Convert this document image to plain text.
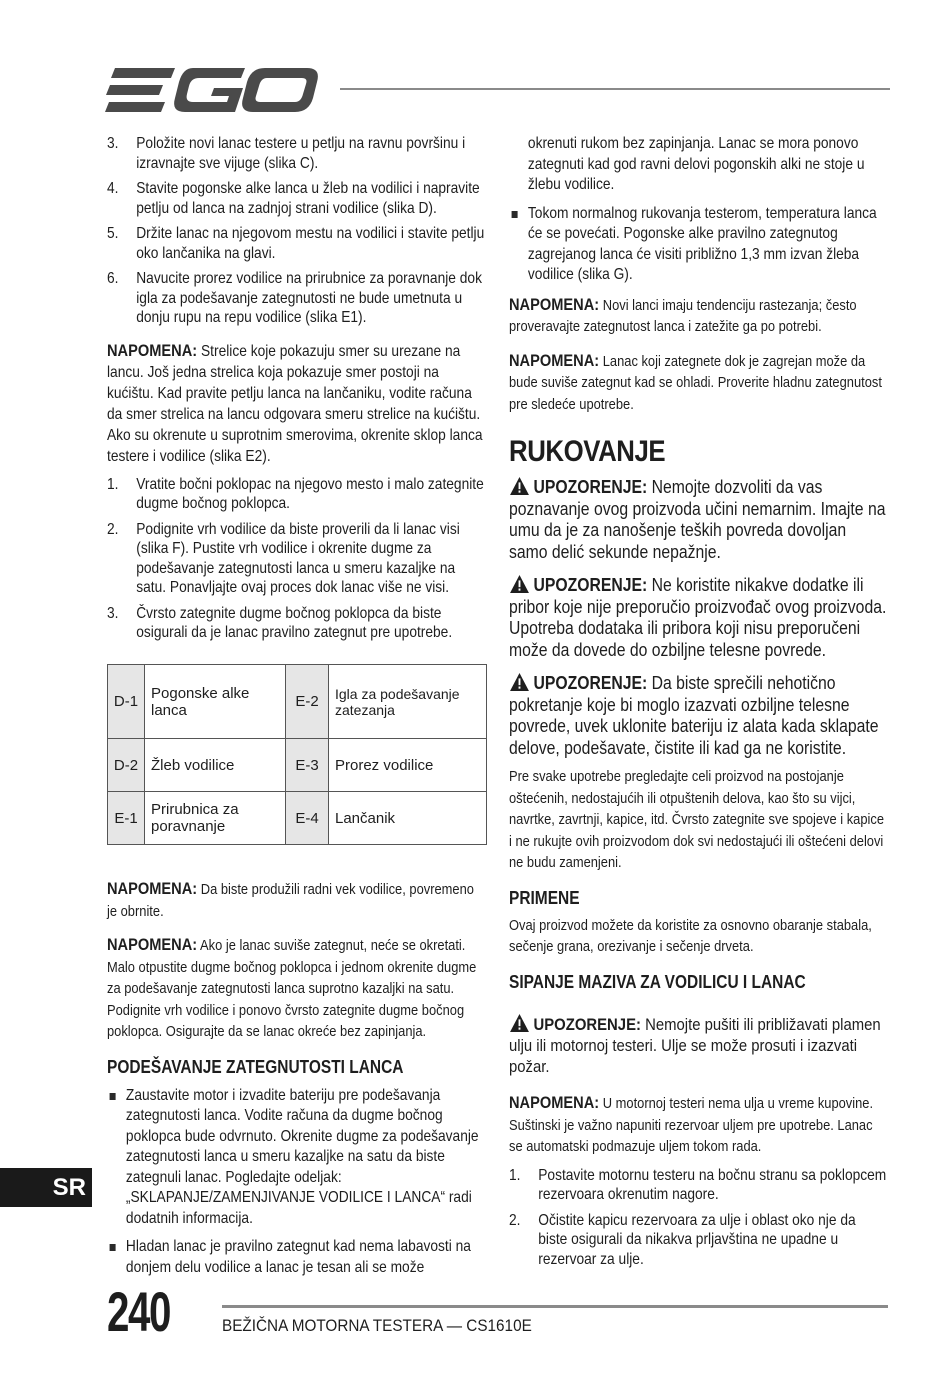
3. Položite novi lanac testere u petlju na ravnu površinu i izravnajte sve vijuge (slika C).
4. Stavite pogonske alke lanca u žleb na vodilici i napravite petlju od lanca na zadnjoj strani vodilice (slika D).
5. Držite lanac na njegovom mestu na vodilici i stavite petlju oko lančanika na glavi.
6. Navucite prorez vodilice na prirubnice za poravnanje dok igla za podešavanje zategnutosti ne bude umetnuta u donju rupu na repu vodilice (slika E1).

NAPOMENA: Strelice koje pokazuju smer su urezane na lancu. Još jedna strelica koja pokazuje smer postoji na kućištu. Kad pravite petlju lanca na lančaniku, vodite računa da smer strelica na lancu odgovara smeru strelice na kućištu. Ako su okrenute u suprotnim smerovima, okrenite sklop lanca testere i vodilice (slika E2).

1. Vratite bočni poklopac na njegovo mesto i malo zategnite dugme bočnog poklopca.
2. Podignite vrh vodilice da biste proverili da li lanac visi (slika F). Pustite vrh vodilice i okrenite dugme za podešavanje zategnutosti lanca u smeru kazaljke na satu. Ponavljajte ovaj proces dok lanac više ne visi.
3. Čvrsto zategnite dugme bočnog poklopca da biste osigurali da je lanac pravilno zategnut pre upotrebe.
D-1	Pogonske alke lanca	E-2	Igla za podešavanje zatezanja
D-2	Žleb vodilice	E-3	Prorez vodilice
E-1	Prirubnica za poravnanje	E-4	Lančanik

NAPOMENA: Da biste produžili radni vek vodilice, povremeno je obrnite.

NAPOMENA: Ako je lanac suviše zategnut, neće se okretati. Malo otpustite dugme bočnog poklopca i jednom okrenite dugme za podešavanje zategnutosti lanca suprotno kazaljki na satu. Podignite vrh vodilice i ponovo čvrsto zategnite dugme bočnog poklopca. Osigurajte da se lanac okreće bez zapinjanja.

PODEŠAVANJE ZATEGNUTOSTI LANCA

Zaustavite motor i izvadite bateriju pre podešavanja zategnutosti lanca. Vodite računa da dugme bočnog poklopca bude odvrnuto. Okrenite dugme za podešavanje zategnutosti lanca u smeru kazaljke na satu da biste zategnuli lanac. Pogledajte odeljak: „SKLAPANJE/ZAMENJIVANJE VODILICE I LANCA“ radi dodatnih informacija.
Hladan lanac je pravilno zategnut kad nema labavosti na donjem delu vodilice a lanac je tesan ali se može

okrenuti rukom bez zapinjanja. Lanac se mora ponovo zategnuti kad god ravni delovi pogonskih alki ne stoje u žlebu vodilice.

Tokom normalnog rukovanja testerom, temperatura lanca će se povećati. Pogonske alke pravilno zategnutog zagrejanog lanca će visiti približno 1,3 mm izvan žleba vodilice (slika G).

NAPOMENA: Novi lanci imaju tendenciju rastezanja; često proveravajte zategnutost lanca i zatežite ga po potrebi.

NAPOMENA: Lanac koji zategnete dok je zagrejan može da bude suviše zategnut kad se ohladi. Proverite hladnu zategnutost pre sledeće upotrebe.

RUKOVANJE

UPOZORENJE: Nemojte dozvoliti da vas poznavanje ovog proizvoda učini nemarnim. Imajte na umu da je za nanošenje teških povreda dovoljan samo delić sekunde nepažnje.

UPOZORENJE: Ne koristite nikakve dodatke ili pribor koje nije preporučio proizvođač ovog proizvoda. Upotreba dodataka ili pribora koji nisu preporučeni može da dovede do ozbiljne telesne povrede.

UPOZORENJE: Da biste sprečili nehotično pokretanje koje bi moglo izazvati ozbiljne telesne povrede, uvek uklonite bateriju iz alata kada sklapate delove, podešavate, čistite ili kad ga ne koristite.

Pre svake upotrebe pregledajte celi proizvod na postojanje oštećenih, nedostajućih ili otpuštenih delova, kao što su vijci, navrtke, zavrtnji, kapice, itd. Čvrsto zategnite sve spojeve i kapice i ne rukujte ovih proizvodom dok svi nedostajući ili oštećeni delovi ne budu zamenjeni.

PRIMENE

Ovaj proizvod možete da koristite za osnovno obaranje stabala, sečenje grana, orezivanje i sečenje drveta.

SIPANJE MAZIVA ZA VODILICU I LANAC

UPOZORENJE: Nemojte pušiti ili približavati plamen ulju ili motornoj testeri. Ulje se može prosuti i izazvati požar.

NAPOMENA: U motornoj testeri nema ulja u vreme kupovine. Suštinski je važno napuniti rezervoar uljem pre upotrebe. Lanac se automatski podmazuje uljem tokom rada.

1. Postavite motornu testeru na bočnu stranu sa poklopcem rezervoara okrenutim nagore.
2. Očistite kapicu rezervoara za ulje i oblast oko nje da biste osigurali da nikakva prljavština ne upadne u rezervoar za ulje.
SR
240	BEŽIČNA MOTORNA TESTERA — CS1610E
